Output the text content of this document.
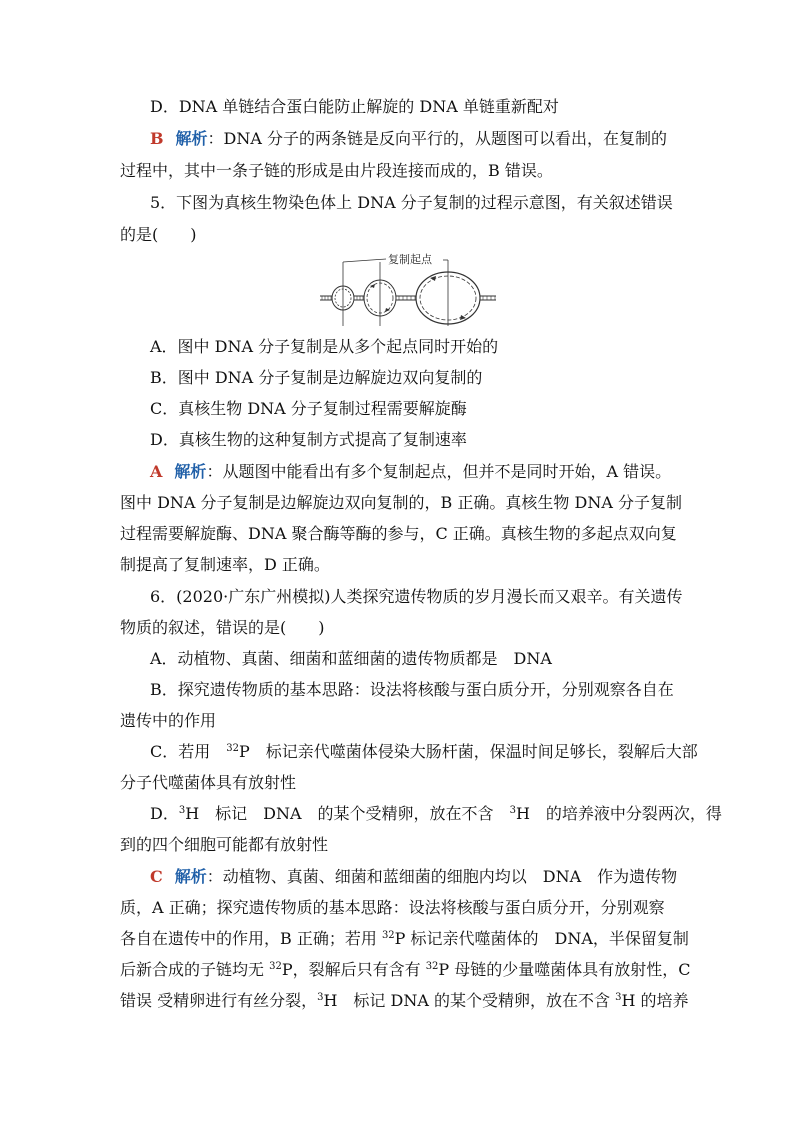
D．DNA 单链结合蛋白能防止解旋的 DNA 单链重新配对
B 解析：DNA 分子的两条链是反向平行的，从题图可以看出，在复制的
过程中，其中一条子链的形成是由片段连接而成的，B 错误。
5．下图为真核生物染色体上 DNA 分子复制的过程示意图，有关叙述错误
的是(　　)
复制起点
A．图中 DNA 分子复制是从多个起点同时开始的
B．图中 DNA 分子复制是边解旋边双向复制的
C．真核生物 DNA 分子复制过程需要解旋酶
D．真核生物的这种复制方式提高了复制速率
A 解析：从题图中能看出有多个复制起点，但并不是同时开始，A 错误。
图中 DNA 分子复制是边解旋边双向复制的，B 正确。真核生物 DNA 分子复制
过程需要解旋酶、DNA 聚合酶等酶的参与，C 正确。真核生物的多起点双向复
制提高了复制速率，D 正确。
6．(2020·广东广州模拟)人类探究遗传物质的岁月漫长而又艰辛。有关遗传
物质的叙述，错误的是(　　)
A．动植物、真菌、细菌和蓝细菌的遗传物质都是　DNA
B．探究遗传物质的基本思路：设法将核酸与蛋白质分开，分别观察各自在
遗传中的作用
C．若用　$^{32}$P　标记亲代噬菌体侵染大肠杆菌，保温时间足够长，裂解后大部
分子代噬菌体具有放射性
D．$^3$H　标记　DNA　的某个受精卵，放在不含　$^3$H　的培养液中分裂两次，得
到的四个细胞可能都有放射性
C 解析：动植物、真菌、细菌和蓝细菌的细胞内均以　DNA　作为遗传物
质，A 正确；探究遗传物质的基本思路：设法将核酸与蛋白质分开，分别观察
各自在遗传中的作用，B 正确；若用 $^{32}$P 标记亲代噬菌体的　DNA，半保留复制
后新合成的子链均无 $^{32}$P，裂解后只有含有 $^{32}$P 母链的少量噬菌体具有放射性，C
错误 受精卵进行有丝分裂，$^3$H　标记 DNA 的某个受精卵，放在不含 $^3$H 的培养
